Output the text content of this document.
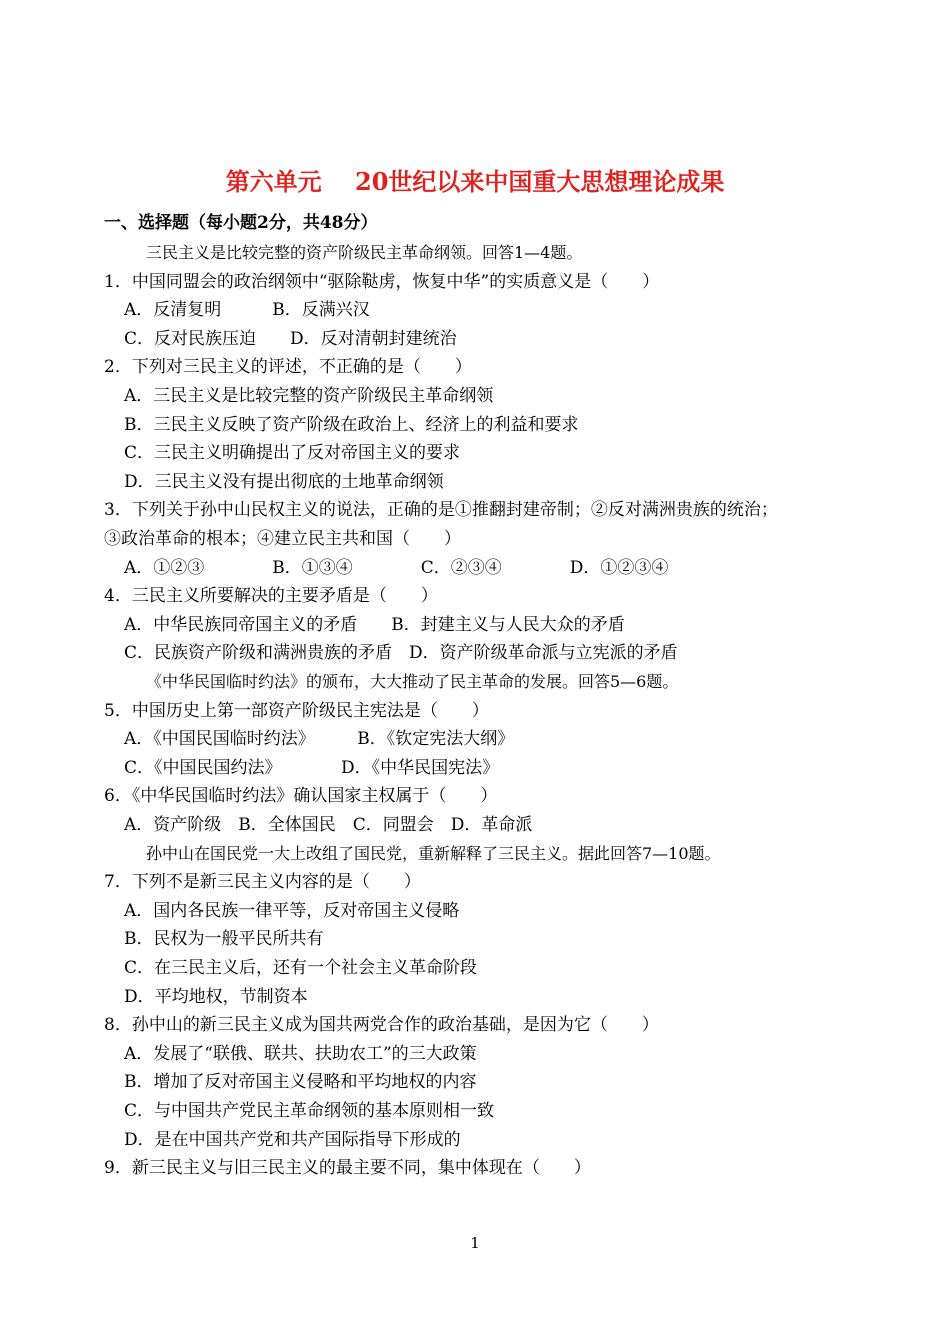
第六单元    20世纪以来中国重大思想理论成果
一、选择题（每小题2分，共48分）
三民主义是比较完整的资产阶级民主革命纲领。回答1—4题。
1．中国同盟会的政治纲领中“驱除鞑虏，恢复中华”的实质意义是（　　）
A．反清复明　　　B．反满兴汉
C．反对民族压迫　　D．反对清朝封建统治
2．下列对三民主义的评述，不正确的是（　　）
A．三民主义是比较完整的资产阶级民主革命纲领
B．三民主义反映了资产阶级在政治上、经济上的利益和要求
C．三民主义明确提出了反对帝国主义的要求
D．三民主义没有提出彻底的土地革命纲领
3．下列关于孙中山民权主义的说法，正确的是①推翻封建帝制；②反对满洲贵族的统治；
③政治革命的根本；④建立民主共和国（　　）
A．①②③　　　　B．①③④　　　　C．②③④　　　　D．①②③④
4．三民主义所要解决的主要矛盾是（　　）
A．中华民族同帝国主义的矛盾　　B．封建主义与人民大众的矛盾
C．民族资产阶级和满洲贵族的矛盾　D．资产阶级革命派与立宪派的矛盾
《中华民国临时约法》的颁布，大大推动了民主革命的发展。回答5—6题。
5．中国历史上第一部资产阶级民主宪法是（　　）
A．《中国民国临时约法》　　　B．《钦定宪法大纲》
C．《中国民国约法》　　　　D．《中华民国宪法》
6．《中华民国临时约法》确认国家主权属于（　　）
A．资产阶级　B．全体国民　C．同盟会　D．革命派
孙中山在国民党一大上改组了国民党，重新解释了三民主义。据此回答7—10题。
7．下列不是新三民主义内容的是（　　）
A．国内各民族一律平等，反对帝国主义侵略
B．民权为一般平民所共有
C．在三民主义后，还有一个社会主义革命阶段
D．平均地权，节制资本
8．孙中山的新三民主义成为国共两党合作的政治基础，是因为它（　　）
A．发展了“联俄、联共、扶助农工”的三大政策
B．增加了反对帝国主义侵略和平均地权的内容
C．与中国共产党民主革命纲领的基本原则相一致
D．是在中国共产党和共产国际指导下形成的
9．新三民主义与旧三民主义的最主要不同，集中体现在（　　）
1
